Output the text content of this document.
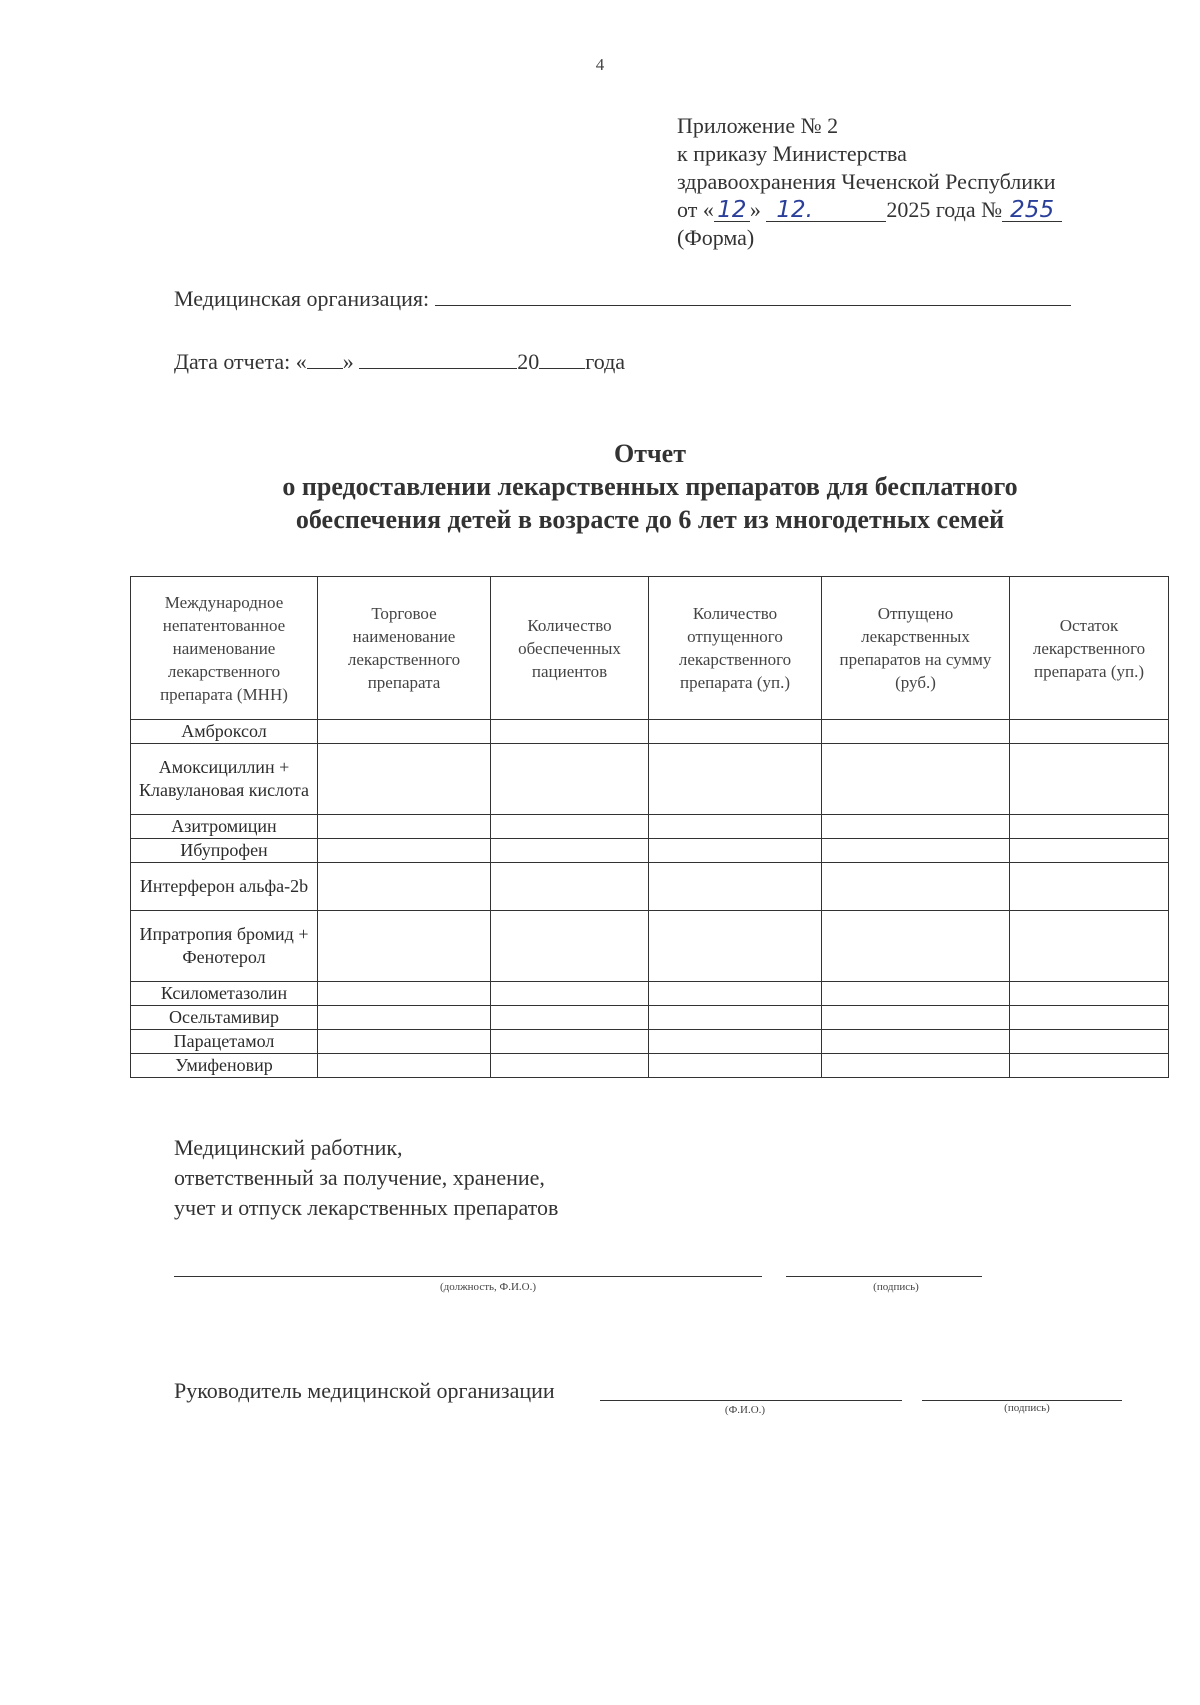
4
Приложение № 2
к приказу Министерства
здравоохранения Чеченской Республики
от « 12 » 12.	2025 года № 255
(Форма)
Медицинская организация:
Дата отчета: « »	20 года
Отчет
о предоставлении лекарственных препаратов для бесплатного
обеспечения детей в возрасте до 6 лет из многодетных семей
Международное непатентованное наименование лекарственного препарата (МНН)	Торговое наименование лекарственного препарата	Количество обеспеченных пациентов	Количество отпущенного лекарственного препарата (уп.)	Отпущено лекарственных препаратов на сумму (руб.)	Остаток лекарственного препарата (уп.)
Амброксол					
Амоксициллин + Клавулановая кислота					
Азитромицин					
Ибупрофен					
Интерферон альфа-2b					
Ипратропия бромид + Фенотерол					
Ксилометазолин					
Осельтамивир					
Парацетамол					
Умифеновир					
Медицинский работник,
ответственный за получение, хранение,
учет и отпуск лекарственных препаратов
(должность, Ф.И.О.)	(подпись)
Руководитель медицинской организации
(Ф.И.О.)	(подпись)
